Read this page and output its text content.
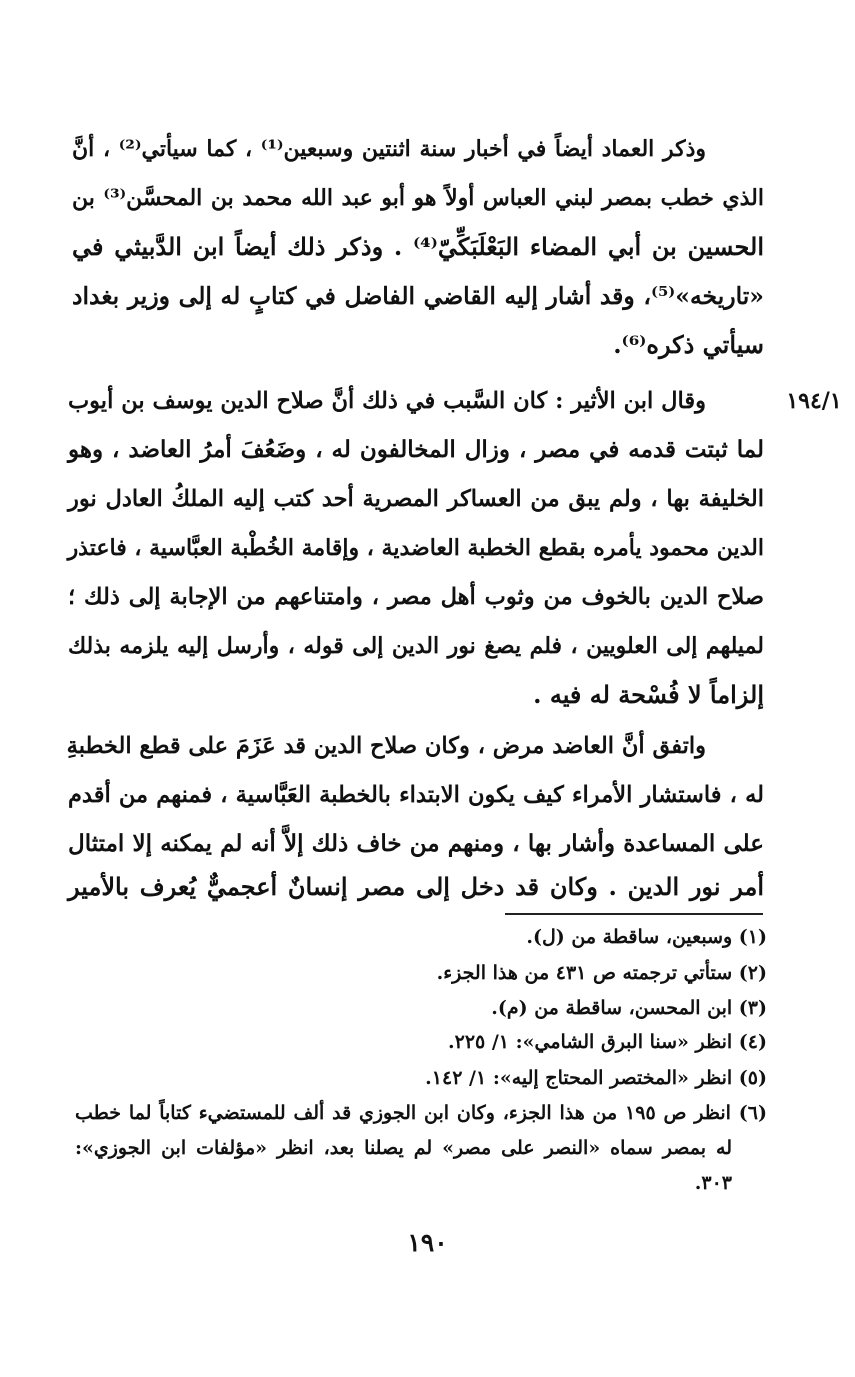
وذكر العماد أيضاً في أخبار سنة اثنتين وسبعين⁽¹⁾ ، كما سيأتي⁽²⁾ ، أنَّ
الذي خطب بمصر لبني العباس أولاً هو أبو عبد الله محمد بن المحسَّن⁽³⁾ بن
الحسين بن أبي المضاء البَعْلَبَكِّيّ⁽⁴⁾ . وذكر ذلك أيضاً ابن الدَّبيثي في
«تاريخه»⁽⁵⁾، وقد أشار إليه القاضي الفاضل في كتابٍ له إلى وزير بغداد
سيأتي ذكره⁽⁶⁾.
١٩٤/١
وقال ابن الأثير : كان السَّبب في ذلك أنَّ صلاح الدين يوسف بن أيوب
لما ثبتت قدمه في مصر ، وزال المخالفون له ، وضَعُفَ أمرُ العاضد ، وهو
الخليفة بها ، ولم يبق من العساكر المصرية أحد كتب إليه الملكُ العادل نور
الدين محمود يأمره بقطع الخطبة العاضدية ، وإقامة الخُطْبة العبَّاسية ، فاعتذر
صلاح الدين بالخوف من وثوب أهل مصر ، وامتناعهم من الإجابة إلى ذلك ؛
لميلهم إلى العلويين ، فلم يصغ نور الدين إلى قوله ، وأرسل إليه يلزمه بذلك
إلزاماً لا فُسْحة له فيه .
واتفق أنَّ العاضد مرض ، وكان صلاح الدين قد عَزَمَ على قطع الخطبةِ
له ، فاستشار الأمراء كيف يكون الابتداء بالخطبة العَبَّاسية ، فمنهم من أقدم
على المساعدة وأشار بها ، ومنهم من خاف ذلك إلاَّ أنه لم يمكنه إلا امتثال
أمر نور الدين . وكان قد دخل إلى مصر إنسانٌ أعجميٌّ يُعرف بالأمير
(١) وسبعين، ساقطة من (ل).
(٢) ستأتي ترجمته ص ٤٣١ من هذا الجزء.
(٣) ابن المحسن، ساقطة من (م).
(٤) انظر «سنا البرق الشامي»: ١/ ٢٢٥.
(٥) انظر «المختصر المحتاج إليه»: ١/ ١٤٢.
(٦) انظر ص ١٩٥ من هذا الجزء، وكان ابن الجوزي قد ألف للمستضيء كتاباً لما خطب
له بمصر سماه «النصر على مصر» لم يصلنا بعد، انظر «مؤلفات ابن الجوزي»:
٣٠٣.
١٩٠
